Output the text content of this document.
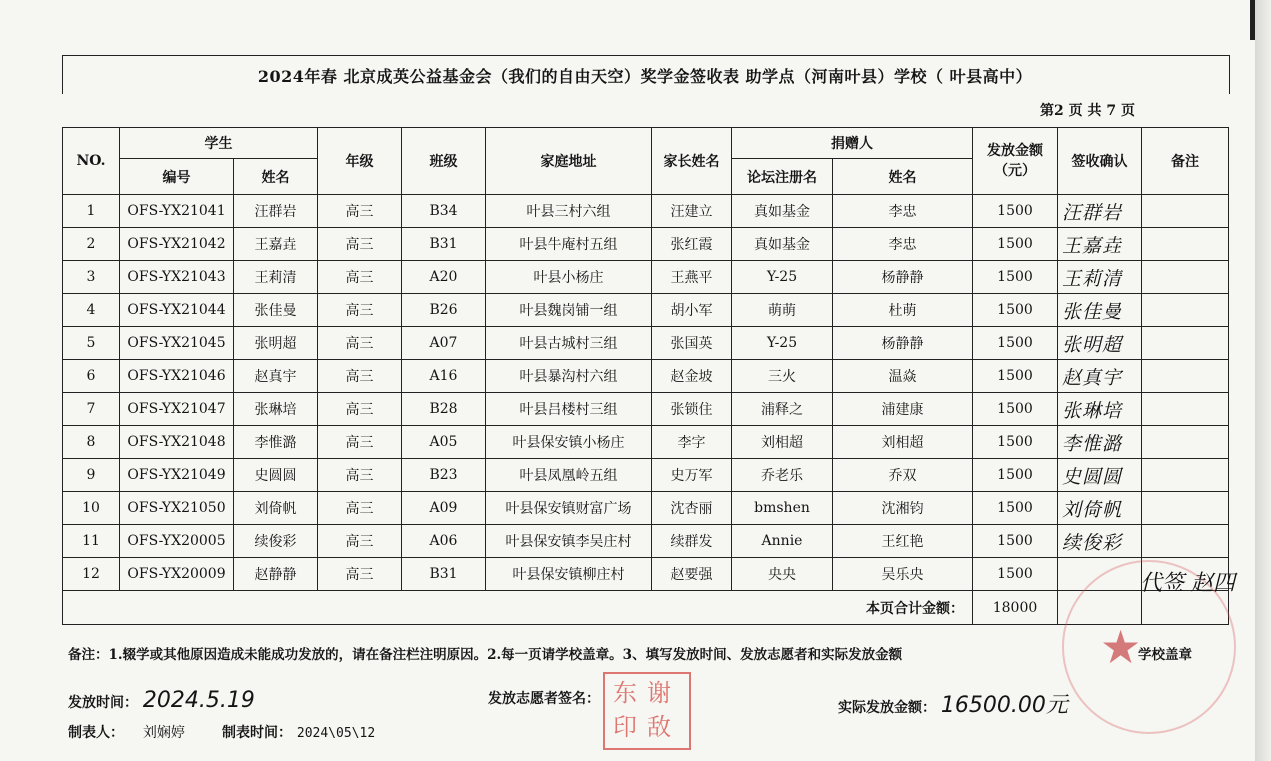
2024年春 北京成英公益基金会（我们的自由天空）奖学金签收表 助学点（河南叶县）学校（ 叶县高中）
第2 页 共 7 页
NO.	学生		年级	班级	家庭地址	家长姓名	捐赠人		发放金额（元）	签收确认	备注
	编号	姓名					论坛注册名	姓名			
1	OFS-YX21041	汪群岩	高三	B34	叶县三村六组	汪建立	真如基金	李忠	1500	汪群岩	
2	OFS-YX21042	王嘉垚	高三	B31	叶县牛庵村五组	张红霞	真如基金	李忠	1500	王嘉垚	
3	OFS-YX21043	王莉清	高三	A20	叶县小杨庄	王燕平	Y-25	杨静静	1500	王莉清	
4	OFS-YX21044	张佳曼	高三	B26	叶县魏岗铺一组	胡小军	萌萌	杜萌	1500	张佳曼	
5	OFS-YX21045	张明超	高三	A07	叶县古城村三组	张国英	Y-25	杨静静	1500	张明超	
6	OFS-YX21046	赵真宇	高三	A16	叶县暴沟村六组	赵金坡	三火	温焱	1500	赵真宇	
7	OFS-YX21047	张琳培	高三	B28	叶县吕楼村三组	张锁住	浦释之	浦建康	1500	张琳培	
8	OFS-YX21048	李惟潞	高三	A05	叶县保安镇小杨庄	李字	刘相超	刘相超	1500	李惟潞	
9	OFS-YX21049	史圆圆	高三	B23	叶县凤凰岭五组	史万军	乔老乐	乔双	1500	史圆圆	
10	OFS-YX21050	刘倚帆	高三	A09	叶县保安镇财富广场	沈杏丽	bmshen	沈湘钧	1500	刘倚帆	
11	OFS-YX20005	续俊彩	高三	A06	叶县保安镇李吴庄村	续群发	Annie	王红艳	1500	续俊彩	
12	OFS-YX20009	赵静静	高三	B31	叶县保安镇柳庄村	赵要强	央央	吴乐央	1500		
本页合计金额：									18000		
★
代签 赵四
备注：1.辍学或其他原因造成未能成功发放的，请在备注栏注明原因。2.每一页请学校盖章。3、填写发放时间、发放志愿者和实际发放金额	学校盖章
发放时间： 2024.5.19	发放志愿者签名： 东谢印敌
实际发放金额： 16500.00元
制表人： 刘娴婷	制表时间： 2024\05\12
